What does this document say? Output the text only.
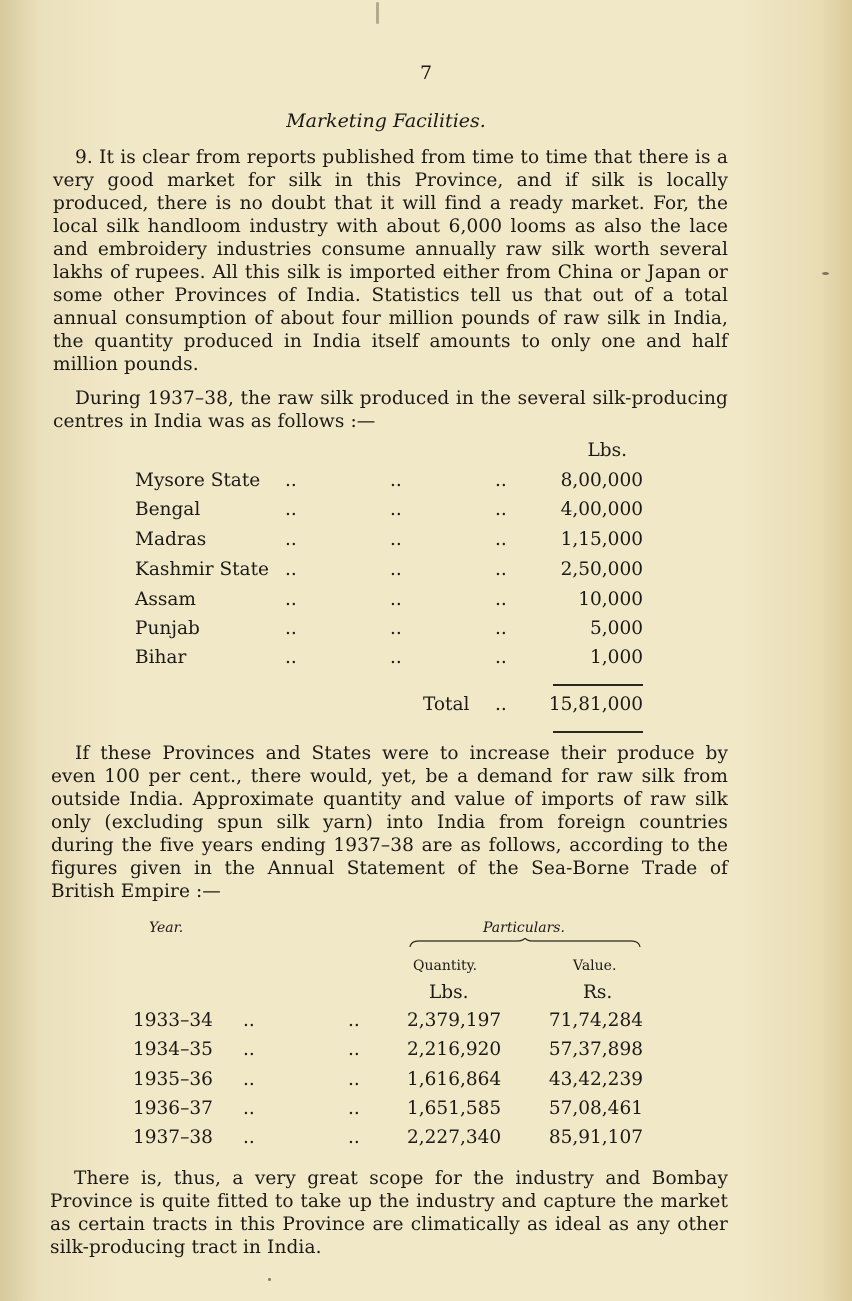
7
Marketing Facilities.
9. It is clear from reports published from time to time that there is a very good market for silk in this Province, and if silk is locally produced, there is no doubt that it will find a ready market. For, the local silk handloom industry with about 6,000 looms as also the lace and embroidery industries consume annually raw silk worth several lakhs of rupees. All this silk is imported either from China or Japan or some other Provinces of India. Statistics tell us that out of a total annual consumption of about four million pounds of raw silk in India, the quantity produced in India itself amounts to only one and half million pounds.
During 1937–38, the raw silk produced in the several silk-producing centres in India was as follows :—
Lbs.
Mysore State ..	..	..	8,00,000
Bengal	..	..	..	4,00,000
Madras	..	..	..	1,15,000
Kashmir State ..	..	..	2,50,000
Assam	..	..	..	10,000
Punjab	..	..	..	5,000
Bihar	..	..	..	1,000
Total .. 15,81,000
If these Provinces and States were to increase their produce by even 100 per cent., there would, yet, be a demand for raw silk from outside India. Approximate quantity and value of imports of raw silk only (excluding spun silk yarn) into India from foreign countries during the five years ending 1937–38 are as follows, according to the figures given in the Annual Statement of the Sea-Borne Trade of British Empire :—
Year.	Particulars.
Quantity.	Value.
Lbs.	Rs.
1933–34 ..	..	2,379,197	71,74,284
1934–35 ..	..	2,216,920	57,37,898
1935–36 ..	..	1,616,864	43,42,239
1936–37 ..	..	1,651,585	57,08,461
1937–38 ..	..	2,227,340	85,91,107
There is, thus, a very great scope for the industry and Bombay Province is quite fitted to take up the industry and capture the market as certain tracts in this Province are climatically as ideal as any other silk-producing tract in India.
